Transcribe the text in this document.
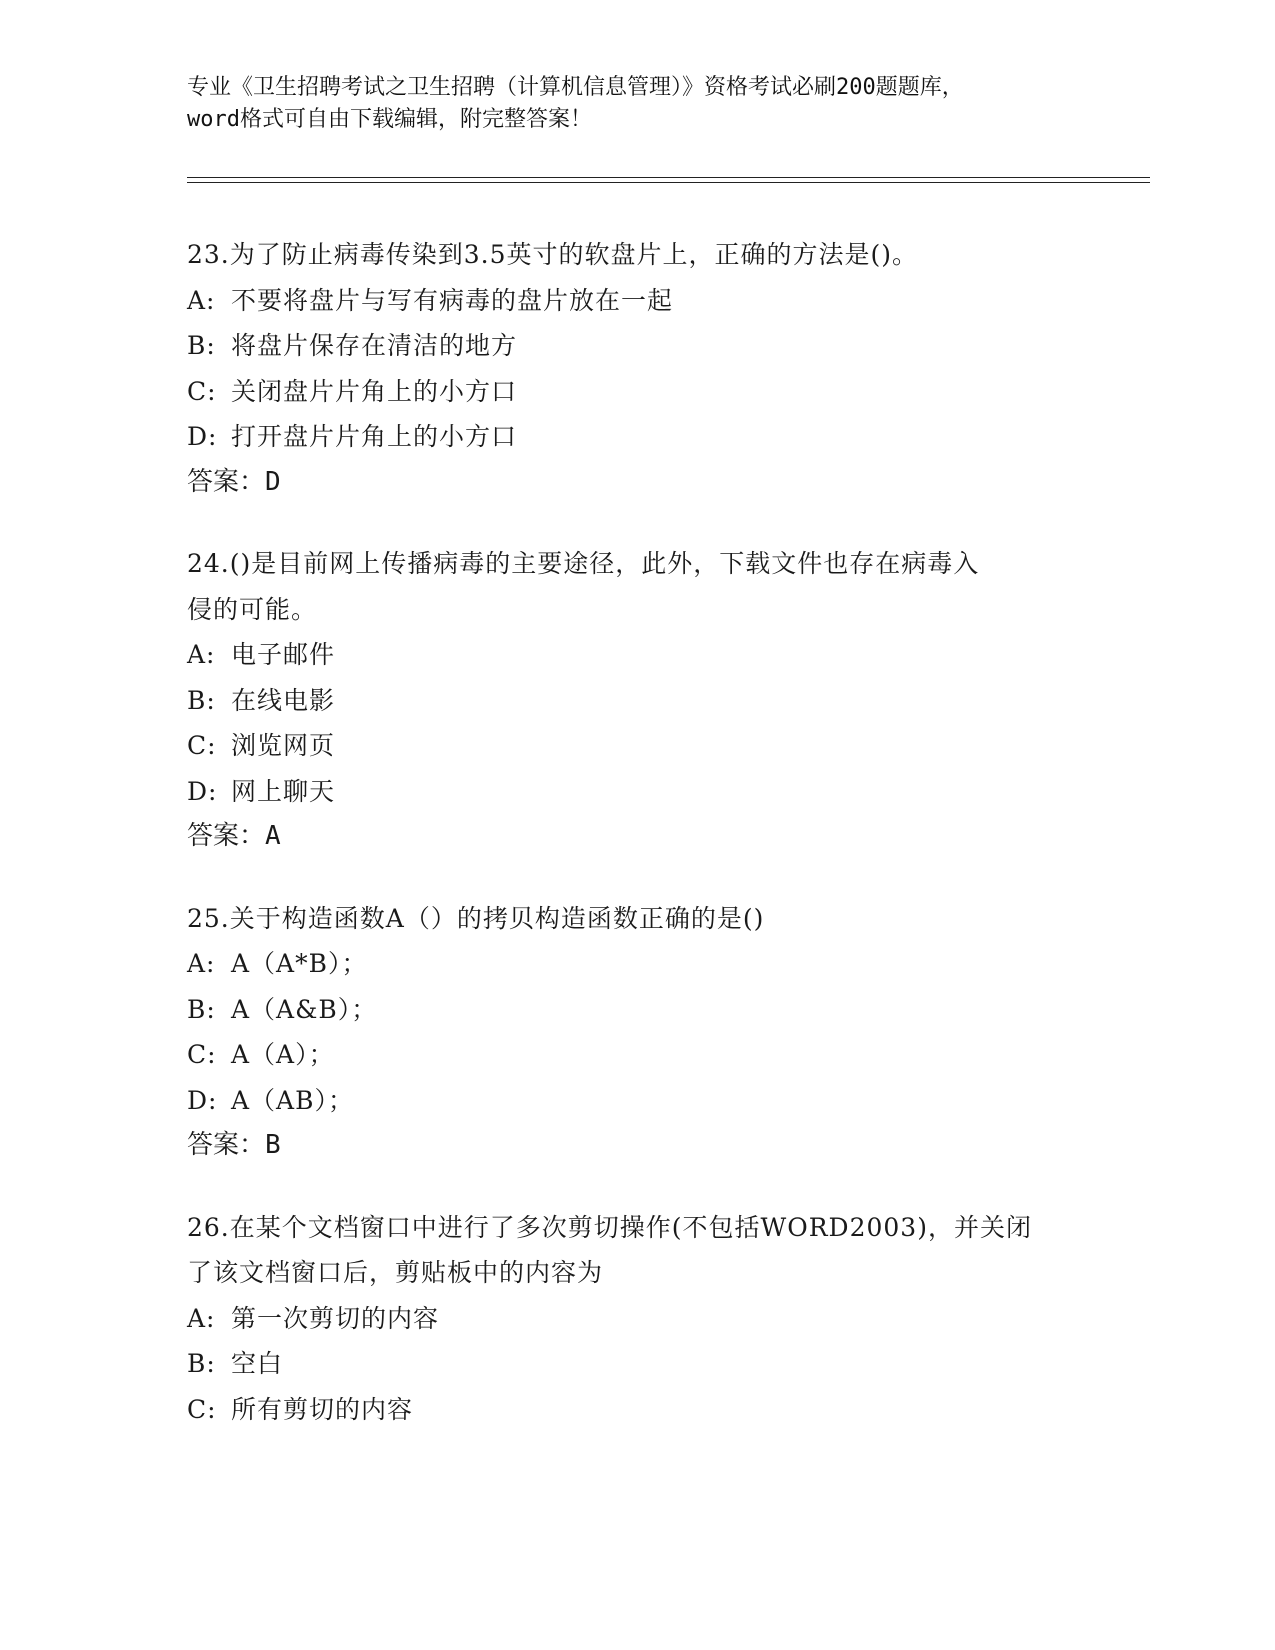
专业《卫生招聘考试之卫生招聘（计算机信息管理）》资格考试必刷200题题库，
word格式可自由下载编辑，附完整答案！
23.为了防止病毒传染到3.5英寸的软盘片上，正确的方法是()。
A: 不要将盘片与写有病毒的盘片放在一起
B: 将盘片保存在清洁的地方
C: 关闭盘片片角上的小方口
D: 打开盘片片角上的小方口
答案：D
24.()是目前网上传播病毒的主要途径，此外，下载文件也存在病毒入
侵的可能。
A: 电子邮件
B: 在线电影
C: 浏览网页
D: 网上聊天
答案：A
25.关于构造函数A（）的拷贝构造函数正确的是()
A: A（A*B）；
B: A（A&B）；
C: A（A）；
D: A（AB）；
答案：B
26.在某个文档窗口中进行了多次剪切操作(不包括WORD2003)，并关闭
了该文档窗口后，剪贴板中的内容为
A: 第一次剪切的内容
B: 空白
C: 所有剪切的内容
